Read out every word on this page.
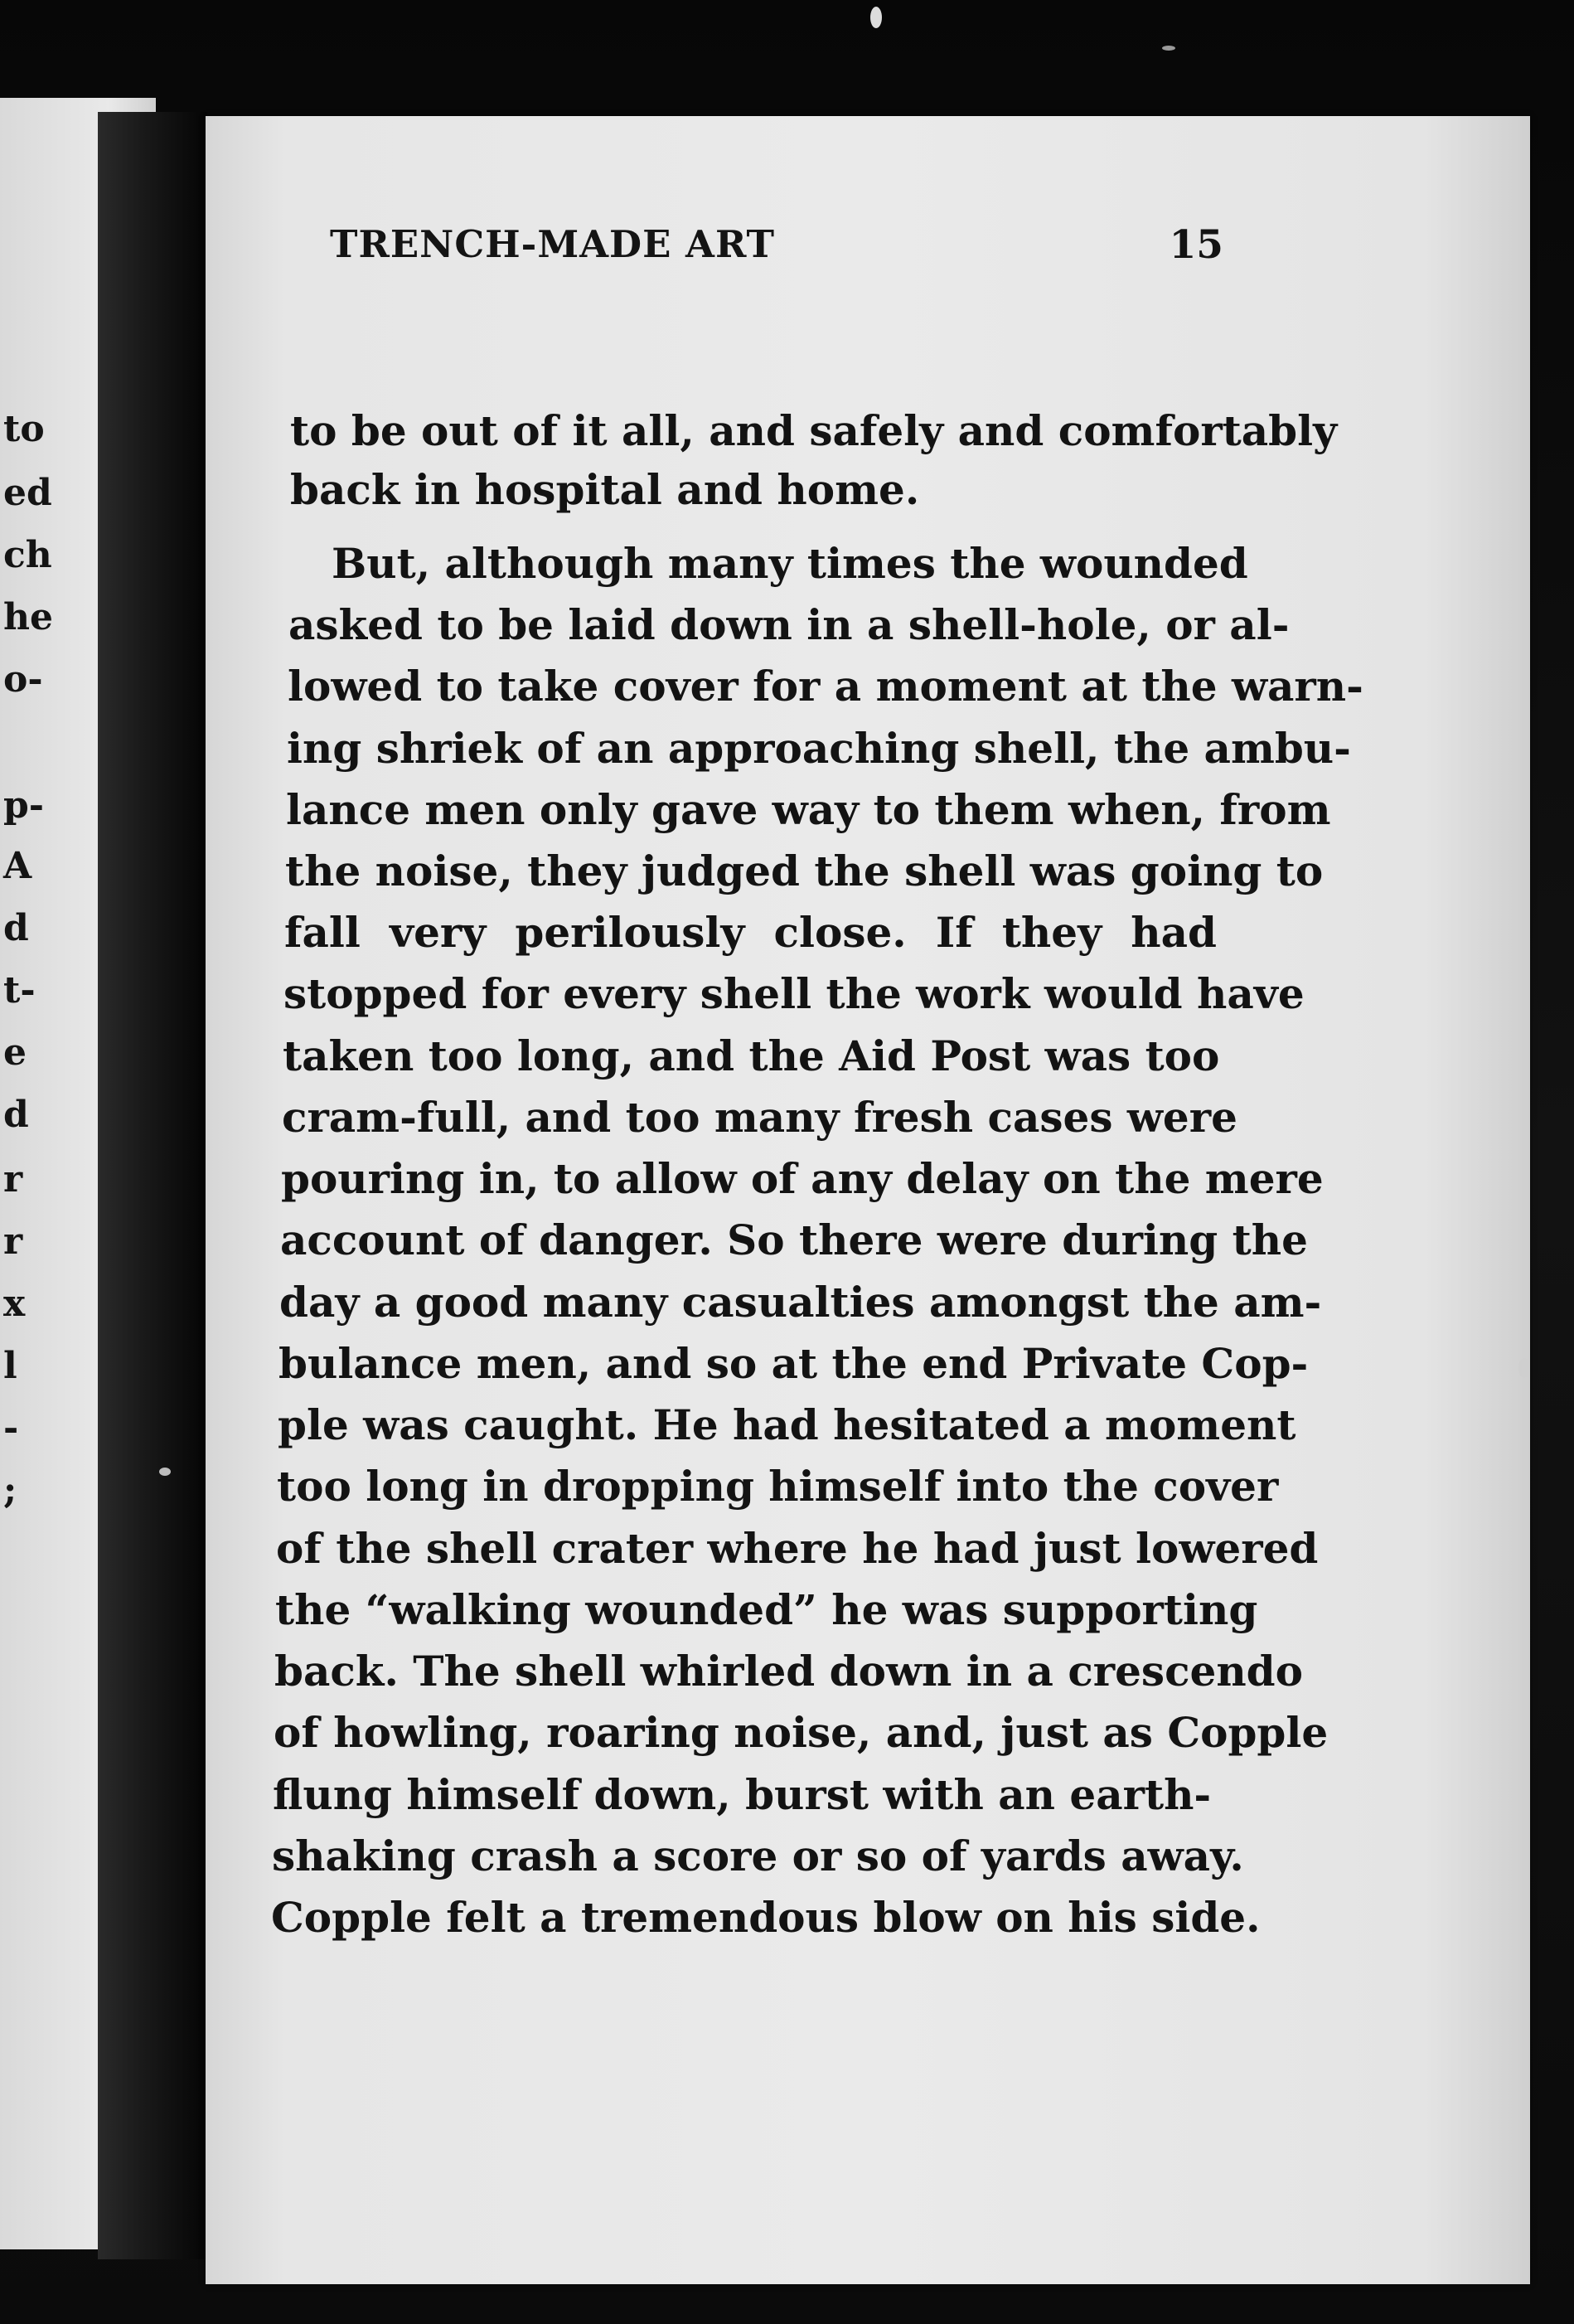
to
ed
ch
he
o-
p-
A
d
t-
e
d
r
r
x
l
-
;
TRENCH-MADE ART	15
to be out of it all, and safely and comfortably
back in hospital and home.
But, although many times the wounded
asked to be laid down in a shell-hole, or al-
lowed to take cover for a moment at the warn-
ing shriek of an approaching shell, the ambu-
lance men only gave way to them when, from
the noise, they judged the shell was going to
fall very perilously close. If they had
stopped for every shell the work would have
taken too long, and the Aid Post was too
cram-full, and too many fresh cases were
pouring in, to allow of any delay on the mere
account of danger. So there were during the
day a good many casualties amongst the am-
bulance men, and so at the end Private Cop-
ple was caught. He had hesitated a moment
too long in dropping himself into the cover
of the shell crater where he had just lowered
the “walking wounded” he was supporting
back. The shell whirled down in a crescendo
of howling, roaring noise, and, just as Copple
flung himself down, burst with an earth-
shaking crash a score or so of yards away.
Copple felt a tremendous blow on his side.
